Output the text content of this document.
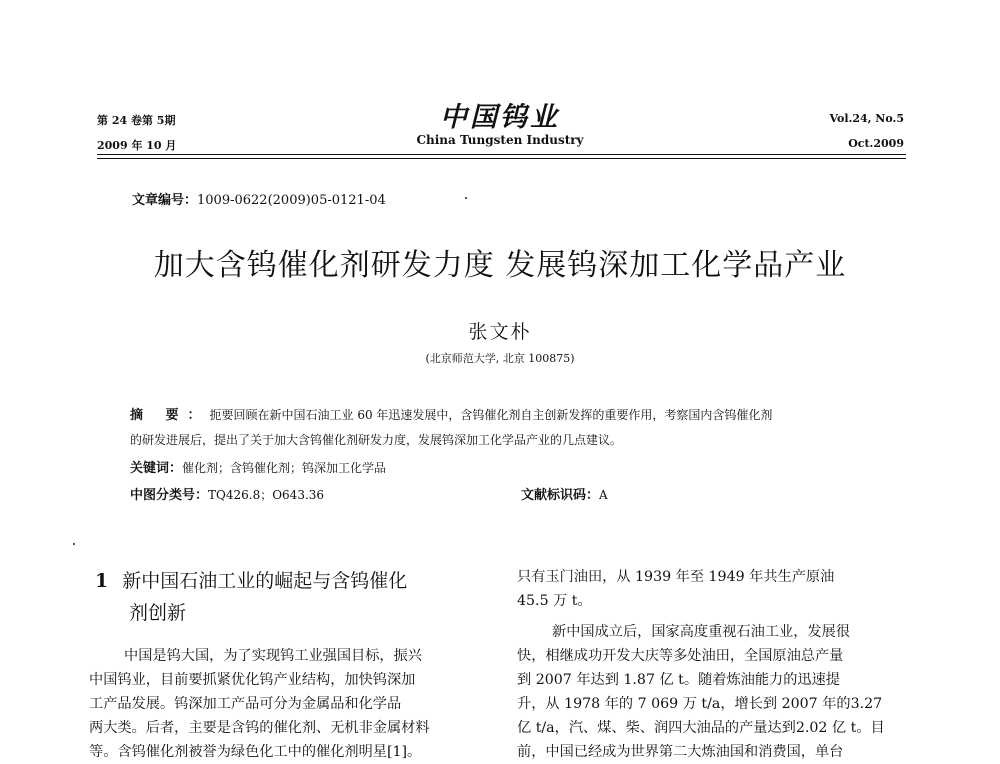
第 24 卷第 5期
2009 年 10 月
中国钨业
China Tungsten Industry
Vol.24, No.5
Oct.2009
文章编号：1009-0622(2009)05-0121-04
加大含钨催化剂研发力度 发展钨深加工化学品产业
张文朴
(北京师范大学, 北京 100875)
摘 要：扼要回顾在新中国石油工业 60 年迅速发展中，含钨催化剂自主创新发挥的重要作用，考察国内含钨催化剂
的研发进展后，提出了关于加大含钨催化剂研发力度，发展钨深加工化学品产业的几点建议。
关键词：催化剂；含钨催化剂；钨深加工化学品
中图分类号：TQ426.8；O643.36	文献标识码：A
1 新中国石油工业的崛起与含钨催化
剂创新
中国是钨大国，为了实现钨工业强国目标，振兴
中国钨业，目前要抓紧优化钨产业结构，加快钨深加
工产品发展。钨深加工产品可分为金属品和化学品
两大类。后者，主要是含钨的催化剂、无机非金属材料
等。含钨催化剂被誉为绿色化工中的催化剂明星[1]。
只有玉门油田，从 1939 年至 1949 年共生产原油
45.5 万 t。
新中国成立后，国家高度重视石油工业，发展很
快，相继成功开发大庆等多处油田，全国原油总产量
到 2007 年达到 1.87 亿 t。随着炼油能力的迅速提
升，从 1978 年的 7 069 万 t/a，增长到 2007 年的3.27
亿 t/a，汽、煤、柴、润四大油品的产量达到2.02 亿 t。目
前，中国已经成为世界第二大炼油国和消费国，单台
